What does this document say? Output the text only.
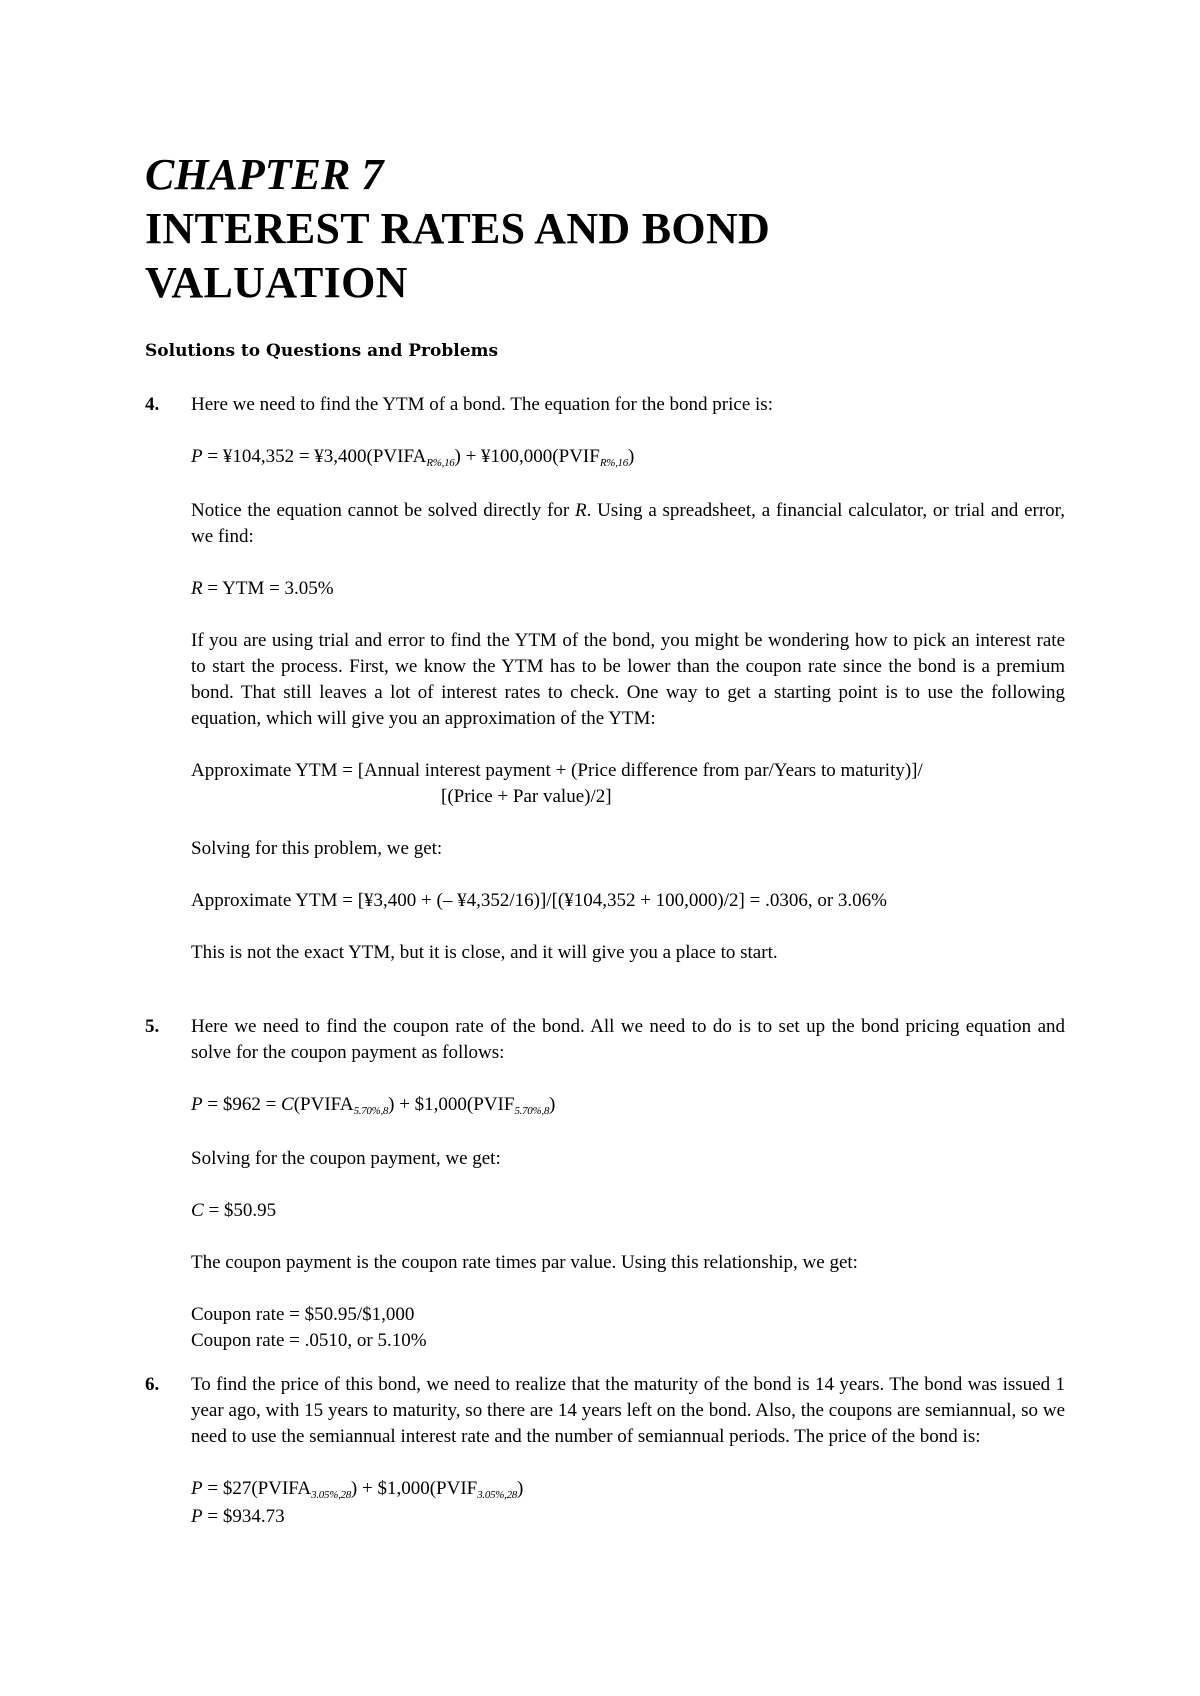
CHAPTER 7
INTEREST RATES AND BOND
VALUATION
Solutions to Questions and Problems
4. Here we need to find the YTM of a bond. The equation for the bond price is:

P = ¥104,352 = $¥3,400(PVIFA_{R\%,16})$ + $¥100,000(PVIF_{R\%,16})$

Notice the equation cannot be solved directly for R. Using a spreadsheet, a financial calculator, or trial and error, we find:

R = YTM = 3.05%

If you are using trial and error to find the YTM of the bond, you might be wondering how to pick an interest rate to start the process. First, we know the YTM has to be lower than the coupon rate since the bond is a premium bond. That still leaves a lot of interest rates to check. One way to get a starting point is to use the following equation, which will give you an approximation of the YTM:

Approximate YTM = [Annual interest payment + (Price difference from par/Years to maturity)]/
[(Price + Par value)/2]

Solving for this problem, we get:

Approximate YTM = [¥3,400 + (– ¥4,352/16)]/[(¥104,352 + 100,000)/2] = .0306, or 3.06%

This is not the exact YTM, but it is close, and it will give you a place to start.

5. Here we need to find the coupon rate of the bond. All we need to do is to set up the bond pricing equation and solve for the coupon payment as follows:

P = $962 = $C(PVIFA_{5.70\%,8})$ + $\$1,000(PVIF_{5.70\%,8})$

Solving for the coupon payment, we get:

C = $50.95

The coupon payment is the coupon rate times par value. Using this relationship, we get:

Coupon rate = $50.95/$1,000
Coupon rate = .0510, or 5.10%

6. To find the price of this bond, we need to realize that the maturity of the bond is 14 years. The bond was issued 1 year ago, with 15 years to maturity, so there are 14 years left on the bond. Also, the coupons are semiannual, so we need to use the semiannual interest rate and the number of semiannual periods. The price of the bond is:

$P = \$27(PVIFA_{3.05\%,28})$ + $\$1,000(PVIF_{3.05\%,28})$

P = $934.73
